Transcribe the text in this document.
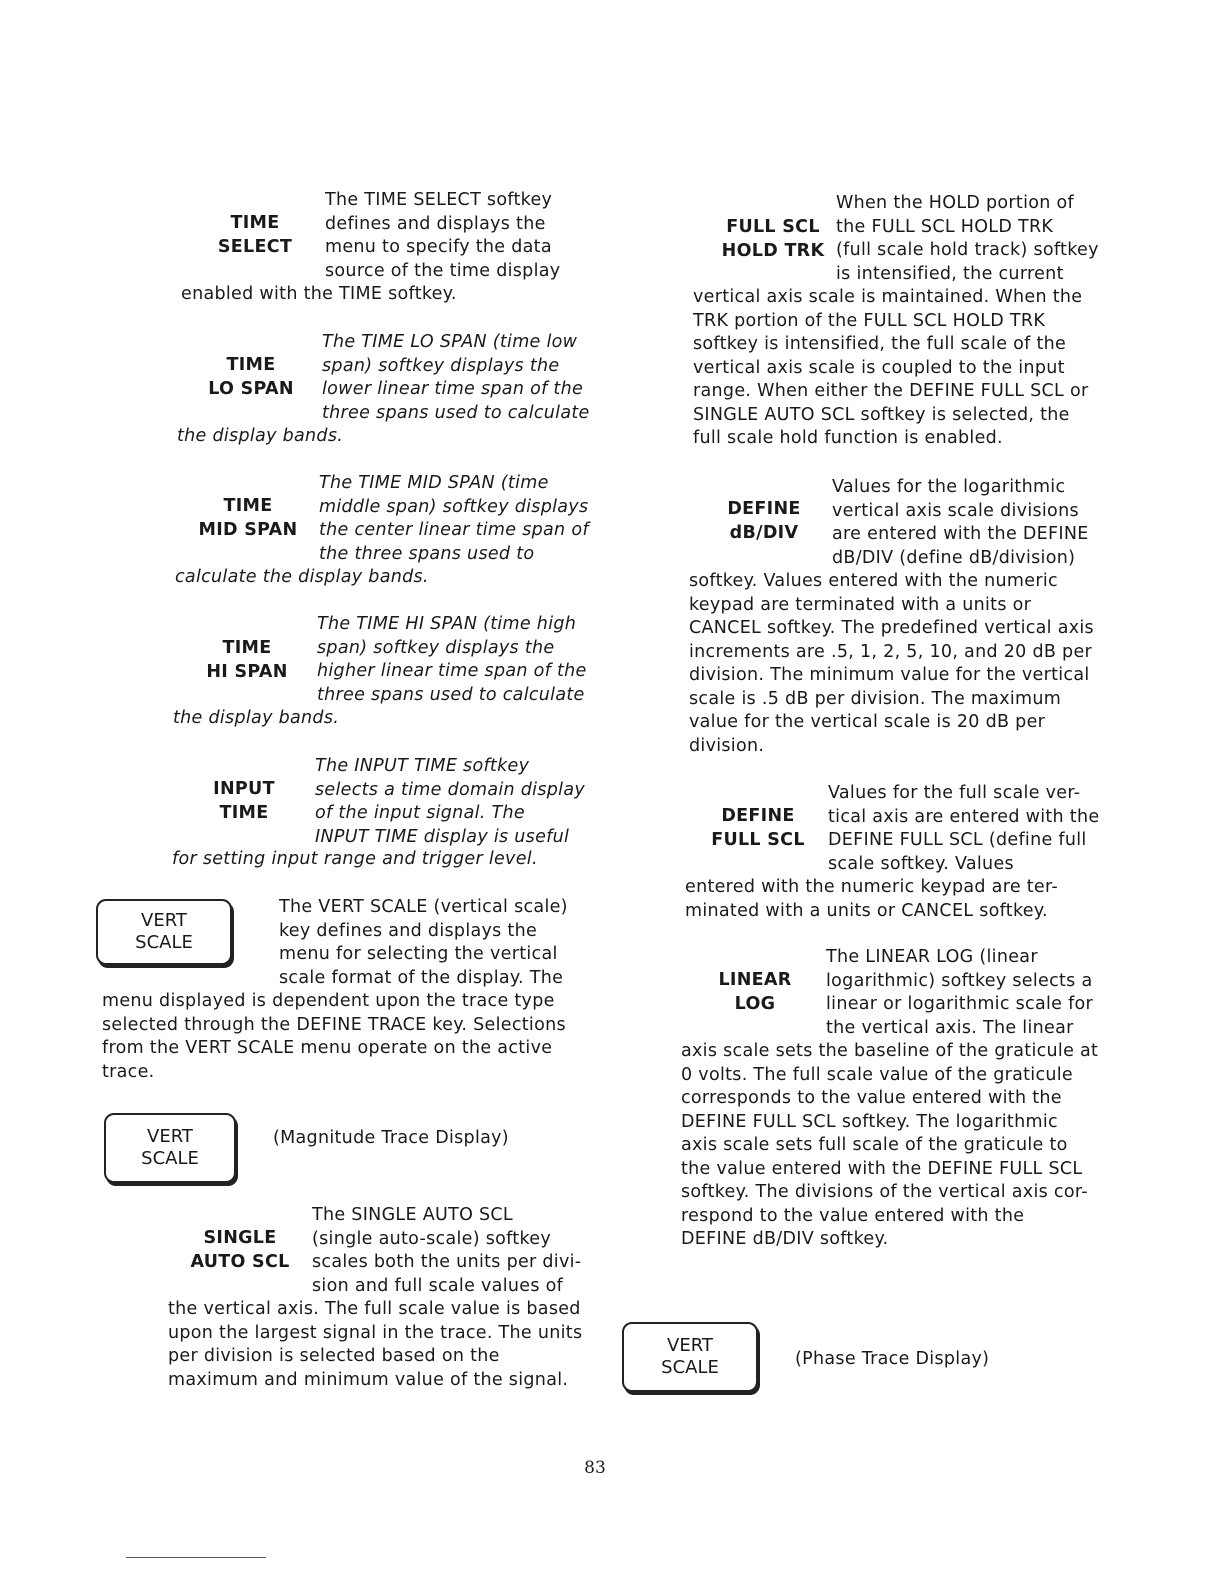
TIME
SELECT
The TIME SELECT softkey
defines and displays the
menu to specify the data
source of the time display
enabled with the TIME softkey.
TIME
LO SPAN
The TIME LO SPAN (time low
span) softkey displays the
lower linear time span of the
three spans used to calculate
the display bands.
TIME
MID SPAN
The TIME MID SPAN (time
middle span) softkey displays
the center linear time span of
the three spans used to
calculate the display bands.
TIME
HI SPAN
The TIME HI SPAN (time high
span) softkey displays the
higher linear time span of the
three spans used to calculate
the display bands.
INPUT
TIME
The INPUT TIME softkey
selects a time domain display
of the input signal. The
INPUT TIME display is useful
for setting input range and trigger level.
VERT
SCALE
The VERT SCALE (vertical scale)
key defines and displays the
menu for selecting the vertical
scale format of the display. The
menu displayed is dependent upon the trace type
selected through the DEFINE TRACE key. Selections
from the VERT SCALE menu operate on the active
trace.
VERT
SCALE
(Magnitude Trace Display)
SINGLE
AUTO SCL
The SINGLE AUTO SCL
(single auto-scale) softkey
scales both the units per divi-
sion and full scale values of
the vertical axis. The full scale value is based
upon the largest signal in the trace. The units
per division is selected based on the
maximum and minimum value of the signal.
FULL SCL
HOLD TRK
When the HOLD portion of
the FULL SCL HOLD TRK
(full scale hold track) softkey
is intensified, the current
vertical axis scale is maintained. When the
TRK portion of the FULL SCL HOLD TRK
softkey is intensified, the full scale of the
vertical axis scale is coupled to the input
range. When either the DEFINE FULL SCL or
SINGLE AUTO SCL softkey is selected, the
full scale hold function is enabled.
DEFINE
dB/DIV
Values for the logarithmic
vertical axis scale divisions
are entered with the DEFINE
dB/DIV (define dB/division)
softkey. Values entered with the numeric
keypad are terminated with a units or
CANCEL softkey. The predefined vertical axis
increments are .5, 1, 2, 5, 10, and 20 dB per
division. The minimum value for the vertical
scale is .5 dB per division. The maximum
value for the vertical scale is 20 dB per
division.
DEFINE
FULL SCL
Values for the full scale ver-
tical axis are entered with the
DEFINE FULL SCL (define full
scale softkey. Values
entered with the numeric keypad are ter-
minated with a units or CANCEL softkey.
LINEAR
LOG
The LINEAR LOG (linear
logarithmic) softkey selects a
linear or logarithmic scale for
the vertical axis. The linear
axis scale sets the baseline of the graticule at
0 volts. The full scale value of the graticule
corresponds to the value entered with the
DEFINE FULL SCL softkey. The logarithmic
axis scale sets full scale of the graticule to
the value entered with the DEFINE FULL SCL
softkey. The divisions of the vertical axis cor-
respond to the value entered with the
DEFINE dB/DIV softkey.
VERT
SCALE	(Phase Trace Display)
83
